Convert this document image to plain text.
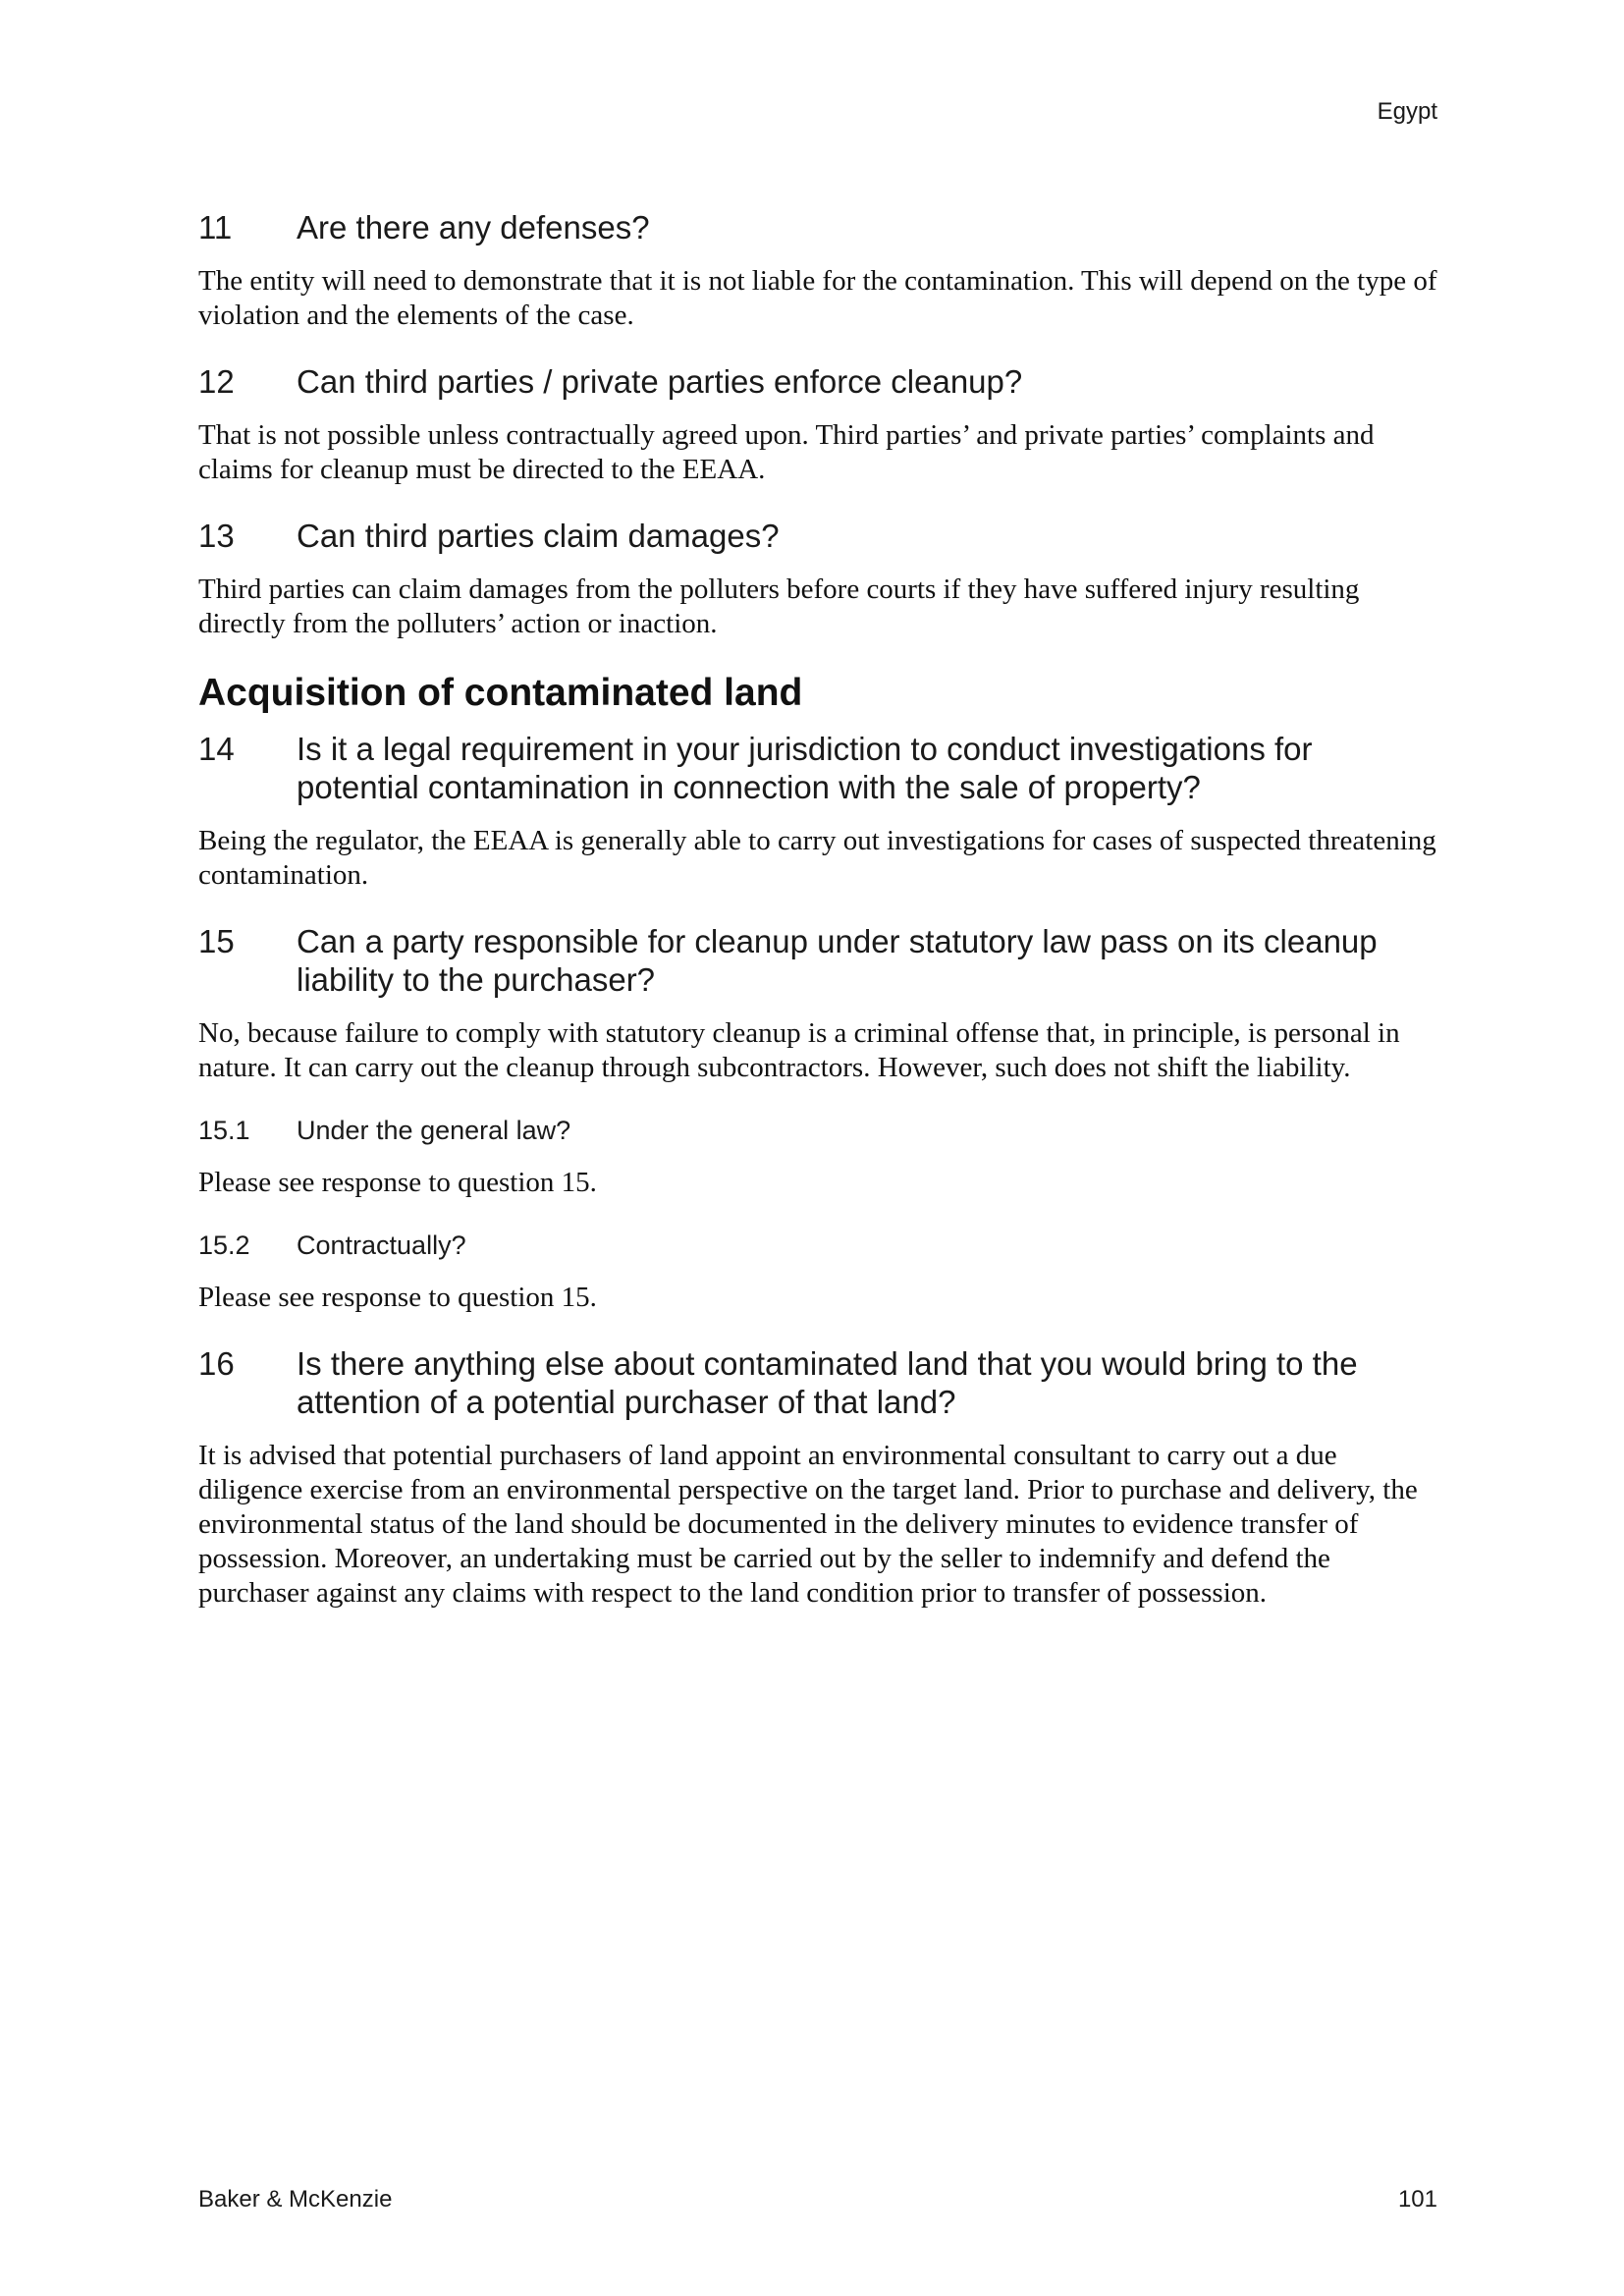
Egypt
11	Are there any defenses?

The entity will need to demonstrate that it is not liable for the contamination. This will depend on the type of violation and the elements of the case.

12	Can third parties / private parties enforce cleanup?

That is not possible unless contractually agreed upon. Third parties’ and private parties’ complaints and claims for cleanup must be directed to the EEAA.

13	Can third parties claim damages?

Third parties can claim damages from the polluters before courts if they have suffered injury resulting directly from the polluters’ action or inaction.

Acquisition of contaminated land
14	Is it a legal requirement in your jurisdiction to conduct investigations for potential contamination in connection with the sale of property?

Being the regulator, the EEAA is generally able to carry out investigations for cases of suspected threatening contamination.

15	Can a party responsible for cleanup under statutory law pass on its cleanup liability to the purchaser?

No, because failure to comply with statutory cleanup is a criminal offense that, in principle, is personal in nature. It can carry out the cleanup through subcontractors. However, such does not shift the liability.

15.1	Under the general law?

Please see response to question 15.

15.2	Contractually?

Please see response to question 15.

16	Is there anything else about contaminated land that you would bring to the attention of a potential purchaser of that land?

It is advised that potential purchasers of land appoint an environmental consultant to carry out a due diligence exercise from an environmental perspective on the target land. Prior to purchase and delivery, the environmental status of the land should be documented in the delivery minutes to evidence transfer of possession. Moreover, an undertaking must be carried out by the seller to indemnify and defend the purchaser against any claims with respect to the land condition prior to transfer of possession.

Baker & McKenzie	101
